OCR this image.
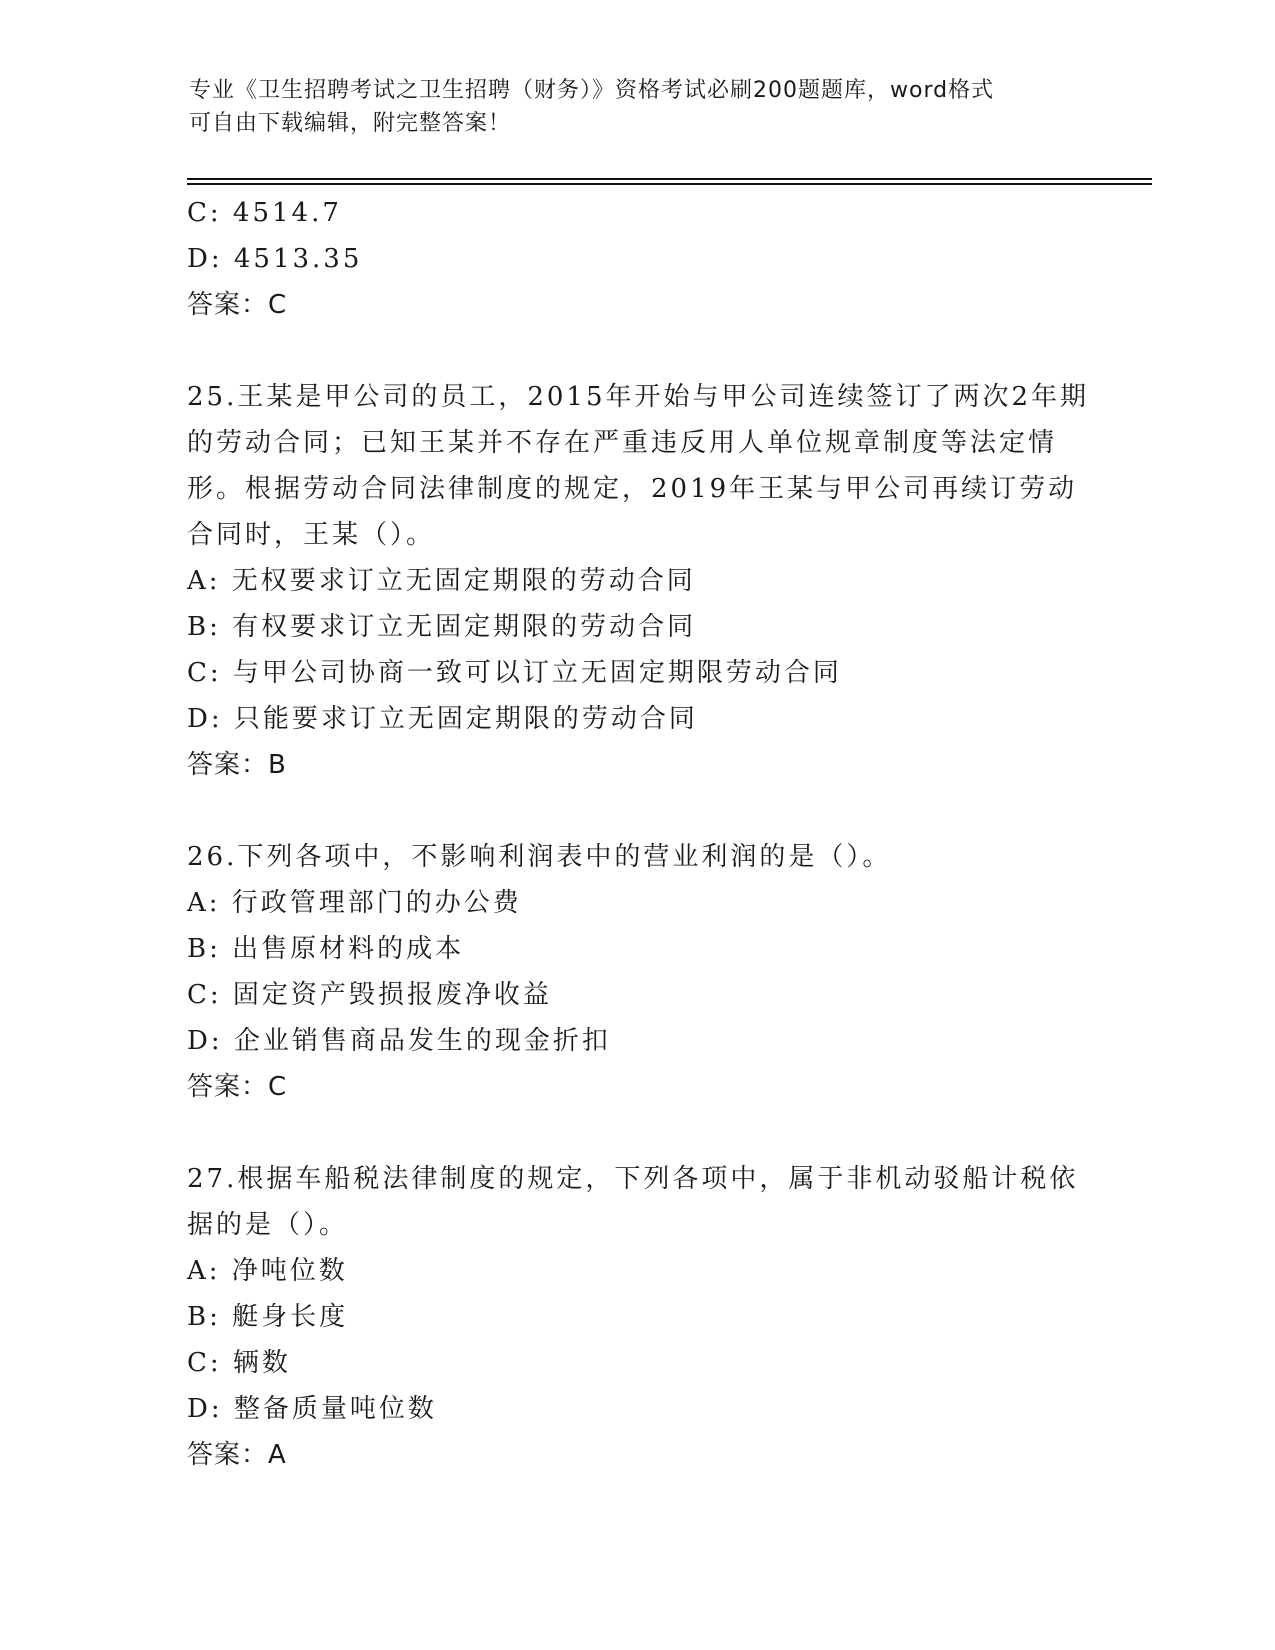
专业《卫生招聘考试之卫生招聘（财务）》资格考试必刷200题题库，word格式
可自由下载编辑，附完整答案！
C: 4514.7
D: 4513.35
答案：C
25.王某是甲公司的员工，2015年开始与甲公司连续签订了两次2年期
的劳动合同；已知王某并不存在严重违反用人单位规章制度等法定情
形。根据劳动合同法律制度的规定，2019年王某与甲公司再续订劳动
合同时，王某（）。
A: 无权要求订立无固定期限的劳动合同
B: 有权要求订立无固定期限的劳动合同
C: 与甲公司协商一致可以订立无固定期限劳动合同
D: 只能要求订立无固定期限的劳动合同
答案：B
26.下列各项中，不影响利润表中的营业利润的是（）。
A: 行政管理部门的办公费
B: 出售原材料的成本
C: 固定资产毁损报废净收益
D: 企业销售商品发生的现金折扣
答案：C
27.根据车船税法律制度的规定，下列各项中，属于非机动驳船计税依
据的是（）。
A: 净吨位数
B: 艇身长度
C: 辆数
D: 整备质量吨位数
答案：A
